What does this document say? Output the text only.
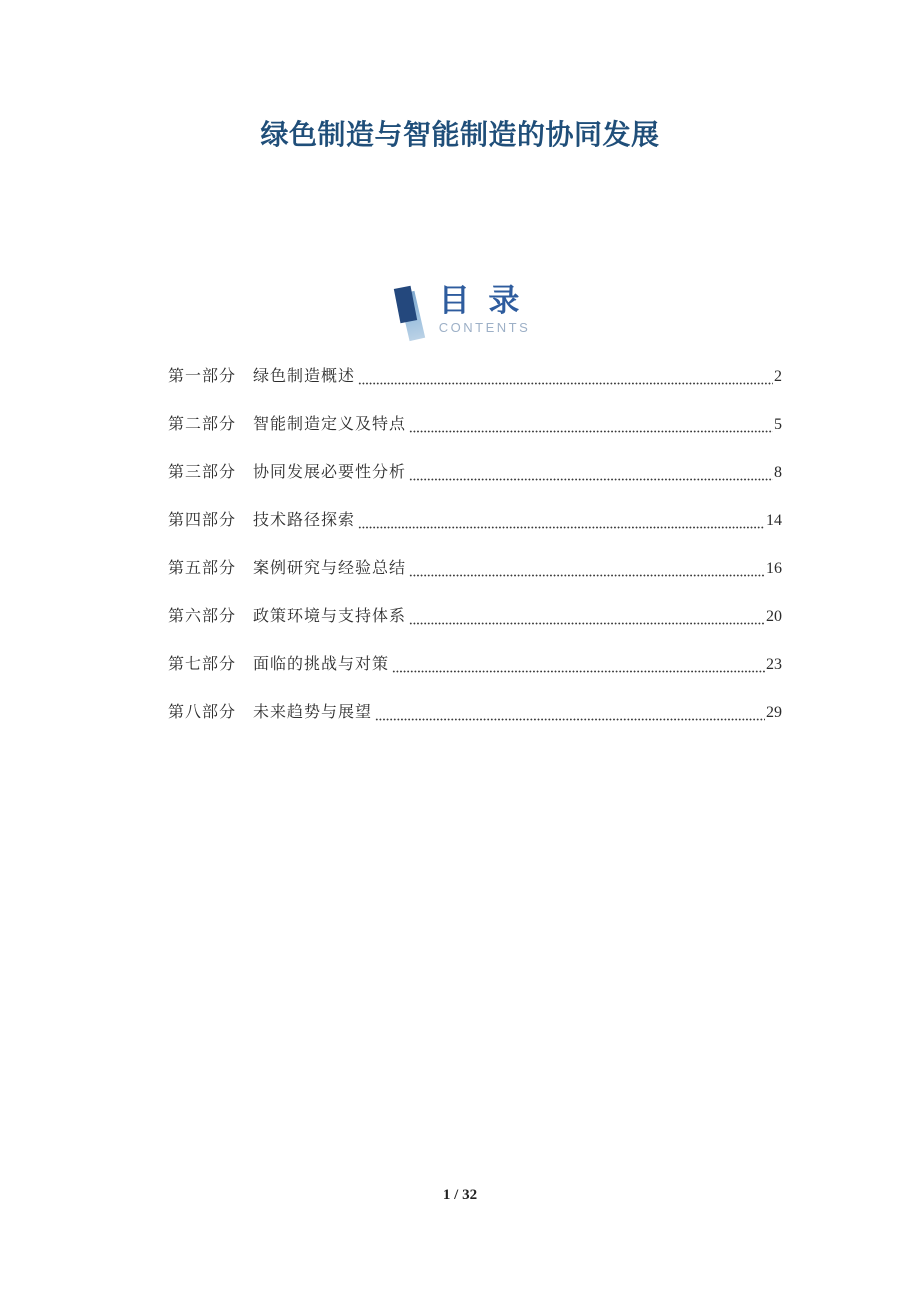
绿色制造与智能制造的协同发展
目 录
CONTENTS
第一部分 绿色制造概述	2
第二部分 智能制造定义及特点	5
第三部分 协同发展必要性分析	8
第四部分 技术路径探索	14
第五部分 案例研究与经验总结	16
第六部分 政策环境与支持体系	20
第七部分 面临的挑战与对策	23
第八部分 未来趋势与展望	29
1 / 32
